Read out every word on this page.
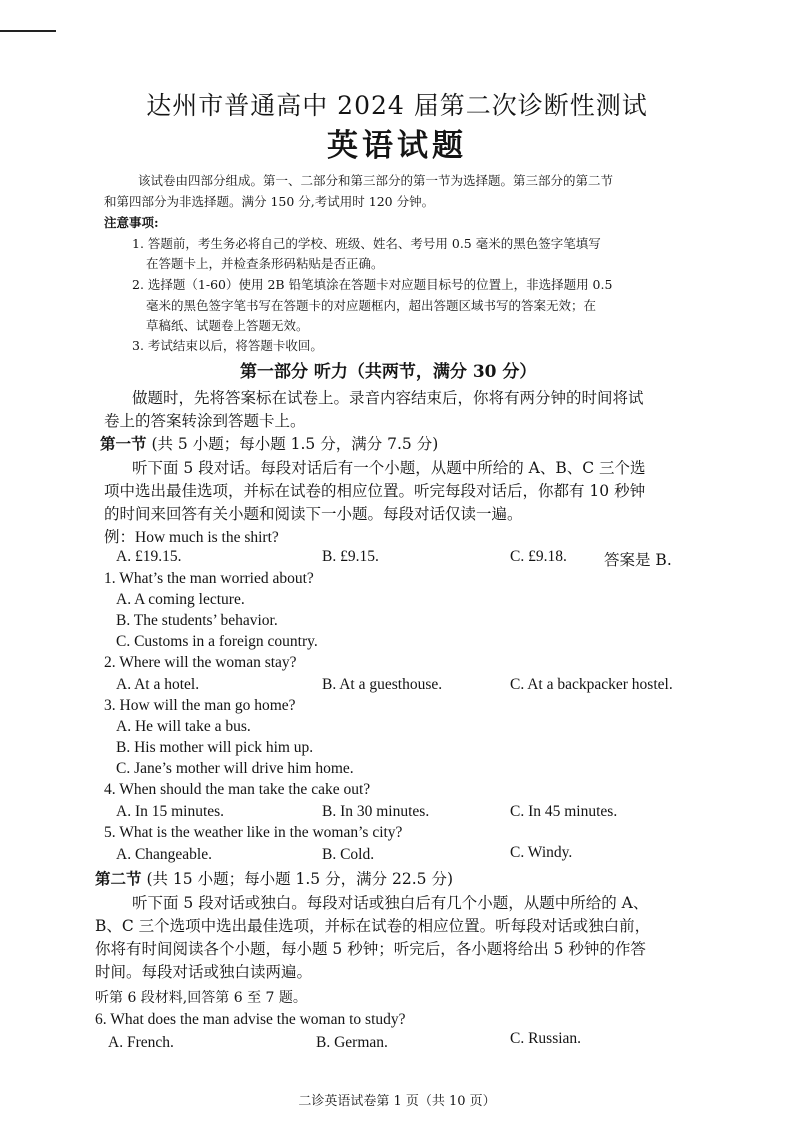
达州市普通高中 2024 届第二次诊断性测试
英语试题
该试卷由四部分组成。第一、二部分和第三部分的第一节为选择题。第三部分的第二节
和第四部分为非选择题。满分 150 分,考试用时 120 分钟。
注意事项:
1. 答题前，考生务必将自己的学校、班级、姓名、考号用 0.5 毫米的黑色签字笔填写
在答题卡上，并检查条形码粘贴是否正确。
2. 选择题（1-60）使用 2B 铅笔填涂在答题卡对应题目标号的位置上，非选择题用 0.5
毫米的黑色签字笔书写在答题卡的对应题框内，超出答题区域书写的答案无效；在
草稿纸、试题卷上答题无效。
3. 考试结束以后，将答题卡收回。
第一部分 听力（共两节，满分 30 分）
做题时，先将答案标在试卷上。录音内容结束后，你将有两分钟的时间将试
卷上的答案转涂到答题卡上。
第一节 (共 5 小题；每小题 1.5 分，满分 7.5 分)
听下面 5 段对话。每段对话后有一个小题，从题中所给的 A、B、C 三个选
项中选出最佳选项，并标在试卷的相应位置。听完每段对话后，你都有 10 秒钟
的时间来回答有关小题和阅读下一小题。每段对话仅读一遍。
例：How much is the shirt?
A. £19.15.	B. £9.15.	C. £9.18. 答案是 B.
1. What’s the man worried about?
A. A coming lecture.
B. The students’ behavior.
C. Customs in a foreign country.
2. Where will the woman stay?
A. At a hotel.	B. At a guesthouse.	C. At a backpacker hostel.
3. How will the man go home?
A. He will take a bus.
B. His mother will pick him up.
C. Jane’s mother will drive him home.
4. When should the man take the cake out?
A. In 15 minutes.	B. In 30 minutes.	C. In 45 minutes.
5. What is the weather like in the woman’s city?
A. Changeable.	B. Cold.	C. Windy.
第二节 (共 15 小题；每小题 1.5 分，满分 22.5 分)
听下面 5 段对话或独白。每段对话或独白后有几个小题，从题中所给的 A、
B、C 三个选项中选出最佳选项，并标在试卷的相应位置。听每段对话或独白前，
你将有时间阅读各个小题，每小题 5 秒钟；听完后，各小题将给出 5 秒钟的作答
时间。每段对话或独白读两遍。
听第 6 段材料,回答第 6 至 7 题。
6. What does the man advise the woman to study?
A. French.	B. German.	C. Russian.
二诊英语试卷第 1 页（共 10 页）
